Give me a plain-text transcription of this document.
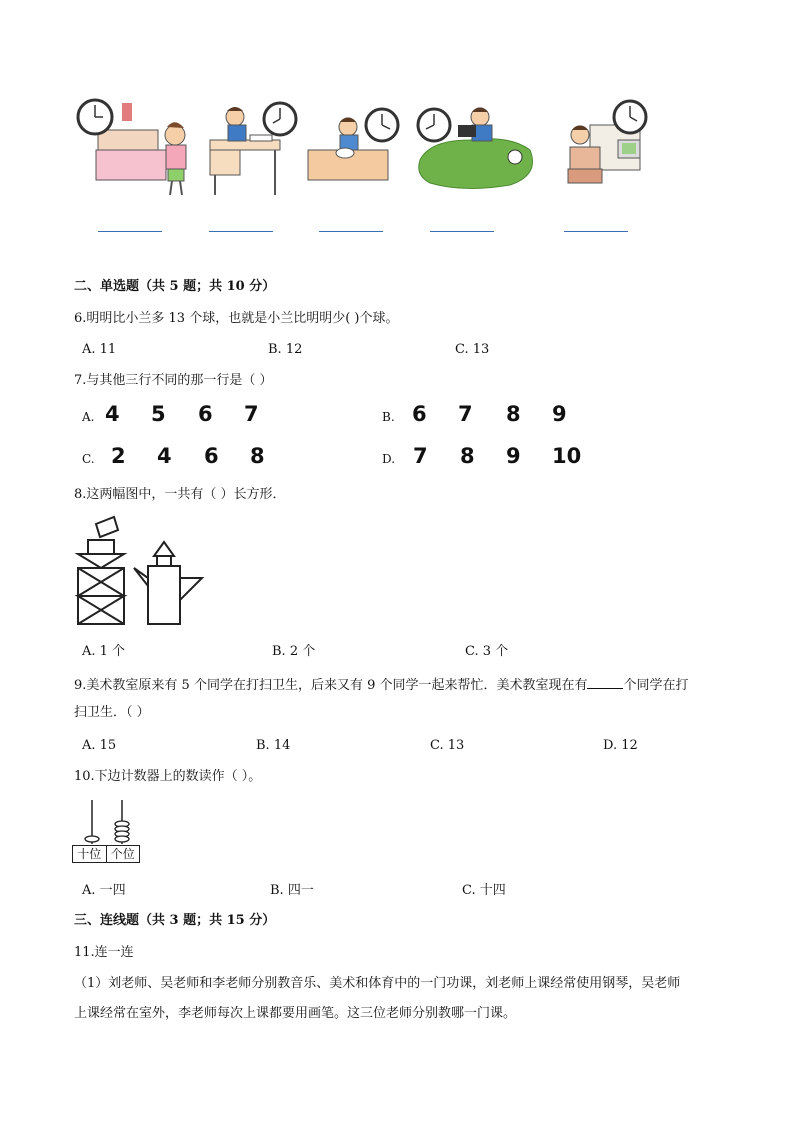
二、单选题（共 5 题；共 10 分）
6.明明比小兰多 13 个球，也就是小兰比明明少( )个球。
A. 11	B. 12	C. 13
7.与其他三行不同的那一行是（ ）
A. 4 5 6 7	B. 6 7 8 9
C. 2 4 6 8	D. 7 8 9 10
8.这两幅图中，一共有（ ）长方形．
A. 1 个	B. 2 个	C. 3 个
9.美术教室原来有 5 个同学在打扫卫生，后来又有 9 个同学一起来帮忙．美术教室现在有	个同学在打
扫卫生．（ ）
A. 15	B. 14	C. 13	D. 12
10.下边计数器上的数读作（ ）。
十位 个位
A. 一四	B. 四一	C. 十四
三、连线题（共 3 题；共 15 分）
11.连一连
（1）刘老师、吴老师和李老师分别教音乐、美术和体育中的一门功课，刘老师上课经常使用钢琴，吴老师
上课经常在室外，李老师每次上课都要用画笔。这三位老师分别教哪一门课。
